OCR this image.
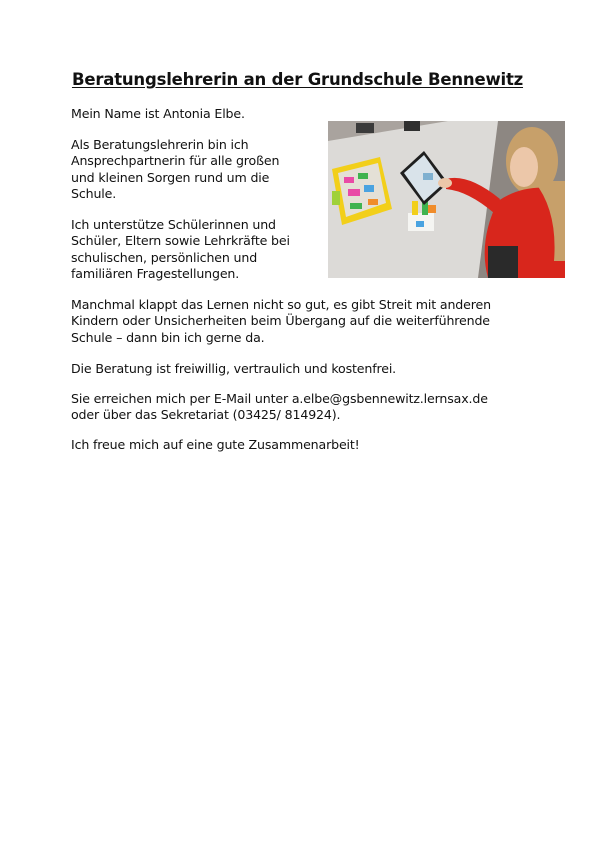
Beratungslehrerin an der Grundschule Bennewitz

Mein Name ist Antonia Elbe.

Als Beratungslehrerin bin ich
Ansprechpartnerin für alle großen
und kleinen Sorgen rund um die
Schule.

Ich unterstütze Schülerinnen und
Schüler, Eltern sowie Lehrkräfte bei
schulischen, persönlichen und
familiären Fragestellungen.

Manchmal klappt das Lernen nicht so gut, es gibt Streit mit anderen
Kindern oder Unsicherheiten beim Übergang auf die weiterführende
Schule – dann bin ich gerne da.

Die Beratung ist freiwillig, vertraulich und kostenfrei.

Sie erreichen mich per E-Mail unter a.elbe@gsbennewitz.lernsax.de
oder über das Sekretariat (03425/ 814924).

Ich freue mich auf eine gute Zusammenarbeit!
